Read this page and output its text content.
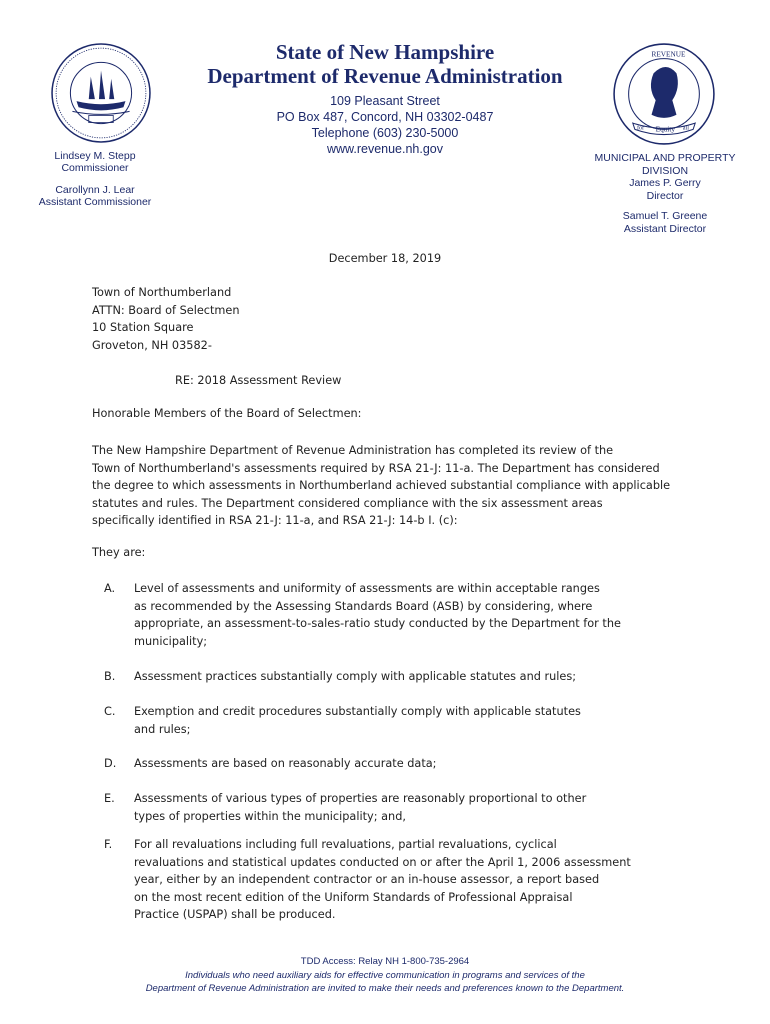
for Equity all
REVENUE
State of New Hampshire
Department of Revenue Administration
109 Pleasant Street
PO Box 487, Concord, NH 03302-0487
Telephone (603) 230-5000
www.revenue.nh.gov
Lindsey M. Stepp
Commissioner
Carollynn J. Lear
Assistant Commissioner
MUNICIPAL AND PROPERTY
DIVISION
James P. Gerry
Director
Samuel T. Greene
Assistant Director
December 18, 2019

Town of Northumberland

ATTN: Board of Selectmen

10 Station Square

Groveton, NH 03582-

RE: 2018 Assessment Review
Honorable Members of the Board of Selectmen:

The New Hampshire Department of Revenue Administration has completed its review of the

Town of Northumberland's assessments required by RSA 21-J: 11-a. The Department has considered

the degree to which assessments in Northumberland achieved substantial compliance with applicable

statutes and rules. The Department considered compliance with the six assessment areas

specifically identified in RSA 21-J: 11-a, and RSA 21-J: 14-b I. (c):

They are:
A. Level of assessments and uniformity of assessments are within acceptable ranges

as recommended by the Assessing Standards Board (ASB) by considering, where

appropriate, an assessment-to-sales-ratio study conducted by the Department for the

municipality;

B. Assessment practices substantially comply with applicable statutes and rules;

C. Exemption and credit procedures substantially comply with applicable statutes

and rules;

D. Assessments are based on reasonably accurate data;

E. Assessments of various types of properties are reasonably proportional to other

types of properties within the municipality; and,

F. For all revaluations including full revaluations, partial revaluations, cyclical

revaluations and statistical updates conducted on or after the April 1, 2006 assessment

year, either by an independent contractor or an in-house assessor, a report based

on the most recent edition of the Uniform Standards of Professional Appraisal

Practice (USPAP) shall be produced.

TDD Access: Relay NH 1-800-735-2964
Individuals who need auxiliary aids for effective communication in programs and services of the
Department of Revenue Administration are invited to make their needs and preferences known to the Department.
